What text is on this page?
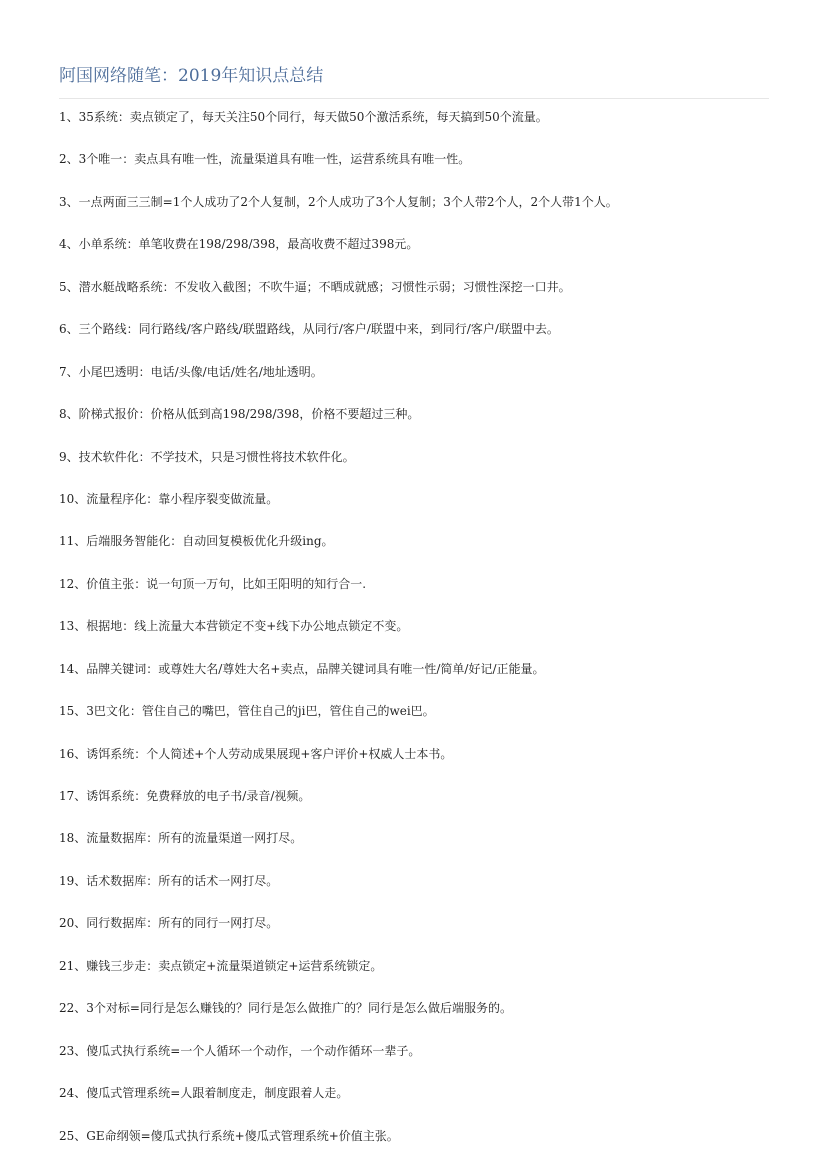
阿国网络随笔：2019年知识点总结
1、35系统：卖点锁定了，每天关注50个同行，每天做50个激活系统，每天搞到50个流量。
2、3个唯一：卖点具有唯一性，流量渠道具有唯一性，运营系统具有唯一性。
3、一点两面三三制=1个人成功了2个人复制，2个人成功了3个人复制；3个人带2个人，2个人带1个人。
4、小单系统：单笔收费在198/298/398，最高收费不超过398元。
5、潜水艇战略系统：不发收入截图；不吹牛逼；不晒成就感；习惯性示弱；习惯性深挖一口井。
6、三个路线：同行路线/客户路线/联盟路线，从同行/客户/联盟中来，到同行/客户/联盟中去。
7、小尾巴透明：电话/头像/电话/姓名/地址透明。
8、阶梯式报价：价格从低到高198/298/398，价格不要超过三种。
9、技术软件化：不学技术，只是习惯性将技术软件化。
10、流量程序化：靠小程序裂变做流量。
11、后端服务智能化：自动回复模板优化升级ing。
12、价值主张：说一句顶一万句，比如王阳明的知行合一.
13、根据地：线上流量大本营锁定不变+线下办公地点锁定不变。
14、品牌关键词：或尊姓大名/尊姓大名+卖点，品牌关键词具有唯一性/简单/好记/正能量。
15、3巴文化：管住自己的嘴巴，管住自己的ji巴，管住自己的wei巴。
16、诱饵系统：个人简述+个人劳动成果展现+客户评价+权威人士本书。
17、诱饵系统：免费释放的电子书/录音/视频。
18、流量数据库：所有的流量渠道一网打尽。
19、话术数据库：所有的话术一网打尽。
20、同行数据库：所有的同行一网打尽。
21、赚钱三步走：卖点锁定+流量渠道锁定+运营系统锁定。
22、3个对标=同行是怎么赚钱的？同行是怎么做推广的？同行是怎么做后端服务的。
23、傻瓜式执行系统=一个人循环一个动作，一个动作循环一辈子。
24、傻瓜式管理系统=人跟着制度走，制度跟着人走。
25、GE命纲领=傻瓜式执行系统+傻瓜式管理系统+价值主张。
